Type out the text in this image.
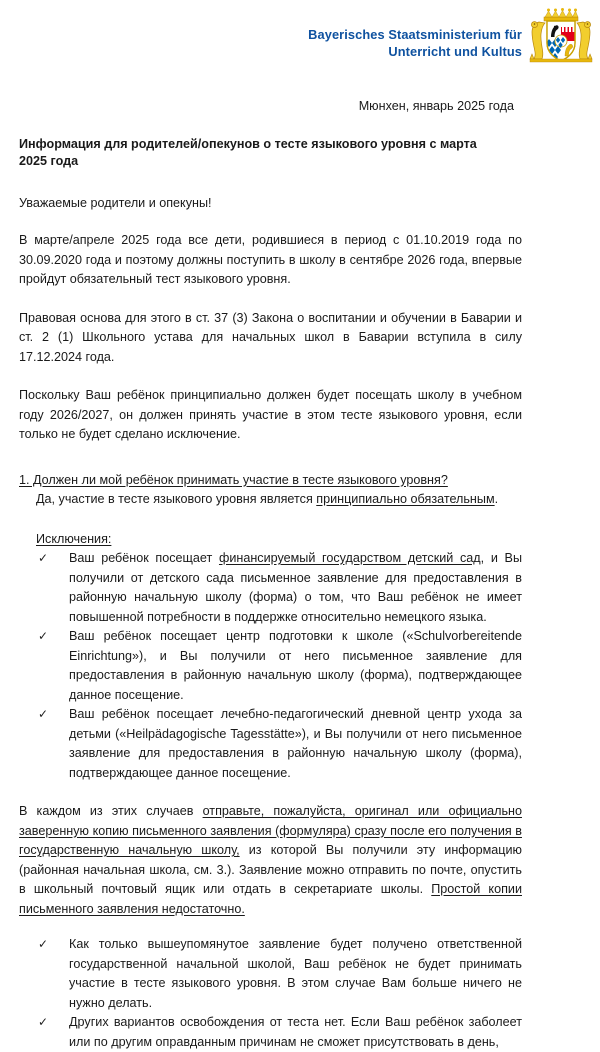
Bayerisches Staatsministerium für
Unterricht und Kultus
Мюнхен, январь 2025 года
Информация для родителей/опекунов о тесте языкового уровня с марта 2025 года
Уважаемые родители и опекуны!

В марте/апреле 2025 года все дети, родившиеся в период с 01.10.2019 года по 30.09.2020 года и поэтому должны поступить в школу в сентябре 2026 года, впервые пройдут обязательный тест языкового уровня.

Правовая основа для этого в ст. 37 (3) Закона о воспитании и обучении в Баварии и ст. 2 (1) Школьного устава для начальных школ в Баварии вступила в силу 17.12.2024 года.

Поскольку Ваш ребёнок принципиально должен будет посещать школу в учебном году 2026/2027, он должен принять участие в этом тесте языкового уровня, если только не будет сделано исключение.

1. Должен ли мой ребёнок принимать участие в тесте языкового уровня?
Да, участие в тесте языкового уровня является принципиально обязательным.
Исключения:
✓ Ваш ребёнок посещает финансируемый государством детский сад, и Вы получили от детского сада письменное заявление для предоставления в районную начальную школу (форма) о том, что Ваш ребёнок не имеет повышенной потребности в поддержке относительно немецкого языка.
✓ Ваш ребёнок посещает центр подготовки к школе («Schulvorbereitende Einrichtung»), и Вы получили от него письменное заявление для предоставления в районную начальную школу (форма), подтверждающее данное посещение.
✓ Ваш ребёнок посещает лечебно-педагогический дневной центр ухода за детьми («Heilpädagogische Tagesstätte»), и Вы получили от него письменное заявление для предоставления в районную начальную школу (форма), подтверждающее данное посещение.

В каждом из этих случаев отправьте, пожалуйста, оригинал или официально заверенную копию письменного заявления (формуляра) сразу после его получения в государственную начальную школу, из которой Вы получили эту информацию (районная начальная школа, см. 3.). Заявление можно отправить по почте, опустить в школьный почтовый ящик или отдать в секретариате школы. Простой копии письменного заявления недостаточно.

✓ Как только вышеупомянутое заявление будет получено ответственной государственной начальной школой, Ваш ребёнок не будет принимать участие в тесте языкового уровня. В этом случае Вам больше ничего не нужно делать.
✓ Других вариантов освобождения от теста нет. Если Ваш ребёнок заболеет или по другим оправданным причинам не сможет присутствовать в день,
